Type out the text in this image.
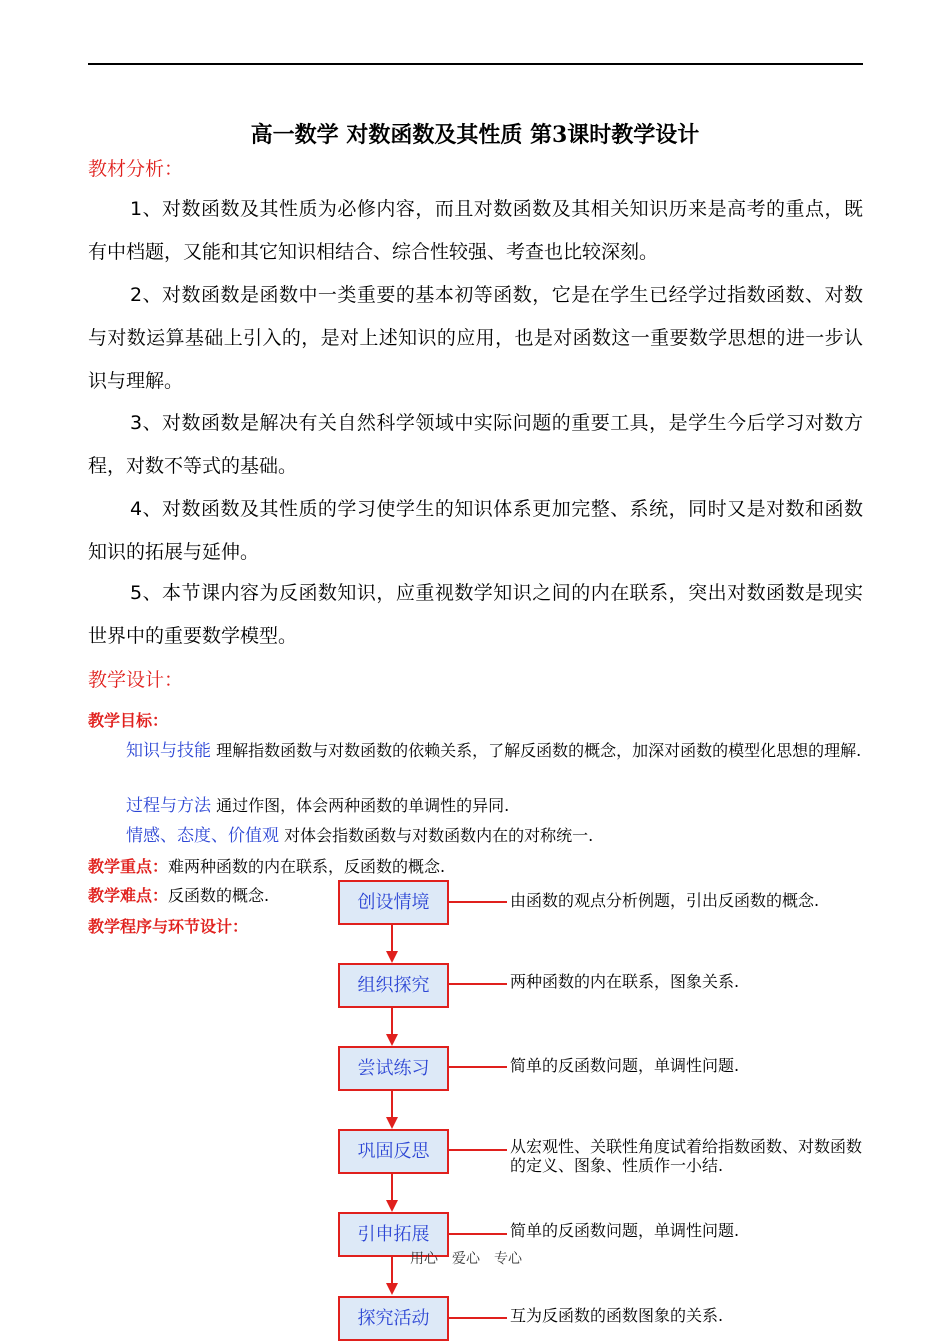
高一数学 对数函数及其性质 第3课时教学设计
教材分析：
1、对数函数及其性质为必修内容，而且对数函数及其相关知识历来是高考的重点，既有中档题，又能和其它知识相结合、综合性较强、考查也比较深刻。
2、对数函数是函数中一类重要的基本初等函数，它是在学生已经学过指数函数、对数与对数运算基础上引入的，是对上述知识的应用，也是对函数这一重要数学思想的进一步认识与理解。
3、对数函数是解决有关自然科学领域中实际问题的重要工具，是学生今后学习对数方程，对数不等式的基础。
4、对数函数及其性质的学习使学生的知识体系更加完整、系统，同时又是对数和函数知识的拓展与延伸。
5、本节课内容为反函数知识，应重视数学知识之间的内在联系，突出对数函数是现实世界中的重要数学模型。
教学设计：
教学目标：
知识与技能 理解指数函数与对数函数的依赖关系，了解反函数的概念，加深对函数的模型化思想的理解.
过程与方法 通过作图，体会两种函数的单调性的异同.
情感、态度、价值观 对体会指数函数与对数函数内在的对称统一.
教学重点：难两种函数的内在联系，反函数的概念.
教学难点：反函数的概念.
教学程序与环节设计：
创设情境	由函数的观点分析例题，引出反函数的概念.
组织探究	两种函数的内在联系，图象关系.
尝试练习	简单的反函数问题，单调性问题.
巩固反思	从宏观性、关联性角度试着给指数函数、对数函数的定义、图象、性质作一小结.
引申拓展	简单的反函数问题，单调性问题.
用心　爱心　专心
探究活动	互为反函数的函数图象的关系.
